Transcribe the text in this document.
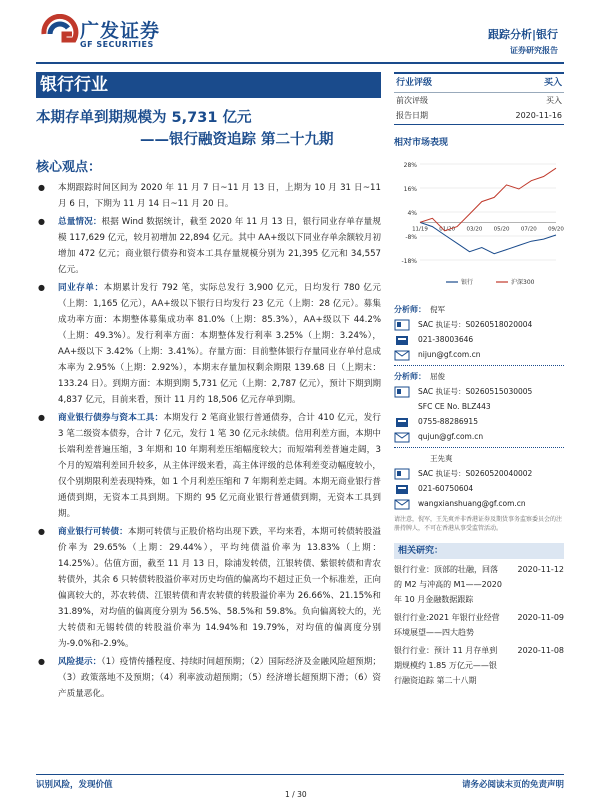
广发证券
GF SECURITIES
跟踪分析|银行
证券研究报告
银行行业
本期存单到期规模为 5,731 亿元
——银行融资追踪 第二十九期
核心观点：
● 本期跟踪时间区间为 2020 年 11 月 7 日~11 月 13 日，上期为 10 月 31 日~11 月 6 日，下期为 11 月 14 日~11 月 20 日。
● 总量情况：根据 Wind 数据统计，截至 2020 年 11 月 13 日，银行同业存单存量规模 117,629 亿元，较月初增加 22,894 亿元。其中 AA+级以下同业存单余额较月初增加 472 亿元；商业银行债券和资本工具存量规模分别为 21,395 亿元和 34,557 亿元。
● 同业存单：本期累计发行 792 笔，实际总发行 3,900 亿元，日均发行 780 亿元（上期：1,165 亿元），AA+级以下银行日均发行 23 亿元（上期：28 亿元）。募集成功率方面：本期整体募集成功率 81.0%（上期：85.3%），AA+级以下 44.2%（上期：49.3%）。发行利率方面：本期整体发行利率 3.25%（上期：3.24%），AA+级以下 3.42%（上期：3.41%）。存量方面：目前整体银行存量同业存单付息成本率为 2.95%（上期：2.92%），本期末存量加权剩余期限 139.68 日（上期末：133.24 日）。到期方面：本期到期 5,731 亿元（上期：2,787 亿元），预计下期到期 4,837 亿元，目前来看，预计 11 月约 18,506 亿元存单到期。
● 商业银行债券与资本工具：本期发行 2 笔商业银行普通债券，合计 410 亿元，发行 3 笔二级资本债券，合计 7 亿元，发行 1 笔 30 亿元永续债。信用利差方面，本期中长端利差普遍压缩，3 年期和 10 年期利差压缩幅度较大；而短端利差普遍走阔，3 个月的短端利差回升较多，从主体评级来看，高主体评级的总体利差变动幅度较小，仅个别期限利差表现特殊，如 1 个月利差压缩和 7 年期利差走阔。本期无商业银行普通债到期，无资本工具到期。下期约 95 亿元商业银行普通债到期，无资本工具到期。
● 商业银行可转债：本期可转债与正股价格均出现下跌，平均来看，本期可转债转股溢价率为 29.65%（上期：29.44%），平均纯债溢价率为 13.83%（上期：14.25%）。估值方面，截至 11 月 13 日，除浦发转债，江银转债、紫银转债和青农转债外，其余 6 只转债转股溢价率对历史均值的偏离均不超过正负一个标准差，正向偏离较大的，苏农转债、江银转债和青农转债的转股溢价率为 26.66%、21.15%和 31.89%，对均值的偏离度分别为 56.5%、58.5%和 59.8%。负向偏离较大的，光大转债和无锡转债的转股溢价率为 14.94%和 19.79%，对均值的偏离度分别为-9.0%和-2.9%。
● 风险提示：（1）疫情传播程度、持续时间超预期；（2）国际经济及金融风险超预期；（3）政策落地不及预期；（4）利率波动超预期；（5）经济增长超预期下滑；（6）资产质量恶化。
行业评级	买入
前次评级	买入
报告日期	2020-11-16
相对市场表现
28%
16%
4%
-8%
-18%
11/19 01/20 03/20 05/20 07/20 09/20
银行	沪深300
分析师： 倪军
SAC 执证号：S0260518020004
021-38003646
nijun@gf.com.cn
分析师： 屈俊
SAC 执证号：S0260515030005
SFC CE No. BLZ443
0755-88286915
qujun@gf.com.cn
王先爽
SAC 执证号：S0260520040002
021-60750604
wangxianshuang@gf.com.cn
请注意，倪军，王先爽并非香港证券及期货事务监察委员会的注册持牌人，不可在香港从事受监管活动。
相关研究：
银行行业：顶部的壮融，回落的 M2 与冲高的 M1——2020 年 10 月金融数据跟踪
2020-11-12
银行行业:2021 年银行业经营环境展望——四大趋势
2020-11-09
银行行业：预计 11 月存单到期规模约 1.85 万亿元——银行融资追踪 第二十八期
2020-11-08
识别风险，发现价值	请务必阅读末页的免责声明
1 / 30
